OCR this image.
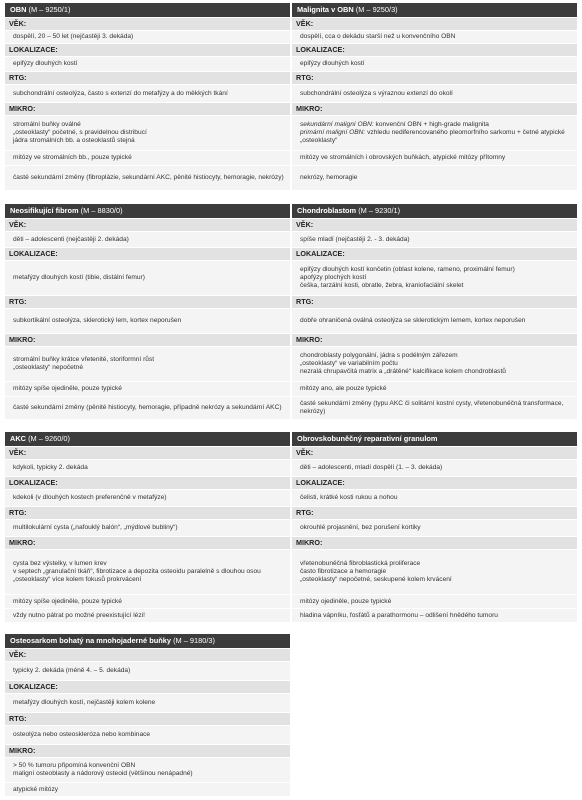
OBN (M – 9250/1)
VĚK:
dospělí, 20 – 50 let (nejčastěji 3. dekáda)
LOKALIZACE:
epifýzy dlouhých kostí
RTG:
subchondrální osteolýza, často s extenzí do metafýzy a do měkkých tkání
MIKRO:
stromální buňky oválné
„osteoklasty“ početné, s pravidelnou distribucí
jádra stromálních bb. a osteoklastů stejná
mitózy ve stromálních bb., pouze typické
časté sekundární změny (fibroplázie, sekundární AKC, pěnité histiocyty, hemoragie, nekrózy)
Malignita v OBN (M – 9250/3)
VĚK:
dospělí, cca o dekádu starší než u konvenčního OBN
LOKALIZACE:
epifýzy dlouhých kostí
RTG:
subchondrální osteolýza s výraznou extenzí do okolí
MIKRO:
sekundární maligní OBN: konvenční OBN + high-grade malignita
primární maligní OBN: vzhledu nediferencovaného pleomorfního sarkomu + četné atypické „osteoklasty“
mitózy ve stromálních i obrovských buňkách, atypické mitózy přítomny
nekrózy, hemoragie
Neosifikující fibrom (M – 8830/0)
VĚK:
děti – adolescenti (nejčastěji 2. dekáda)
LOKALIZACE:
metafýzy dlouhých kostí (tibie, distální femur)
RTG:
subkortikální osteolýza, sklerotický lem, kortex neporušen
MIKRO:
stromální buňky krátce vřetenité, storiformní růst
„osteoklasty“ nepočetné
mitózy spíše ojediněle, pouze typické
časté sekundární změny (pěnité histiocyty, hemoragie, případně nekrózy a sekundární AKC)
Chondroblastom (M – 9230/1)
VĚK:
spíše mladí (nejčastěji 2. - 3. dekáda)
LOKALIZACE:
epifýzy dlouhých kostí končetin (oblast kolene, rameno, proximální femur)
apofýzy plochých kostí
češka, tarzální kosti, obratle, žebra, kraniofaciální skelet
RTG:
dobře ohraničená oválná osteolýza se sklerotickým lemem, kortex neporušen
MIKRO:
chondroblasty polygonální, jádra s podélným zářezem
„osteoklasty“ ve variabilním počtu
nezralá chrupavčitá matrix a „drátěné“ kalcifikace kolem chondroblastů
mitózy ano, ale pouze typické
časté sekundární změny (typu AKC či solitární kostní cysty, vřetenobuněčná transformace, nekrózy)
AKC (M – 9260/0)
VĚK:
kdykoli, typicky 2. dekáda
LOKALIZACE:
kdekoli (v dlouhých kostech preferenčně v metafýze)
RTG:
multilokulární cysta („nafouklý balón“, „mýdlové bubliny“)
MIKRO:
cysta bez výstelky, v lumen krev
v septech „granulační tkáň“, fibrotizace a depozita osteoidu paralelně s dlouhou osou
„osteoklasty“ více kolem fokusů prokrvácení
mitózy spíše ojediněle, pouze typické
vždy nutno pátrat po možné preexistující lézi!
Obrovskobuněčný reparativní granulom
VĚK:
děti – adolescenti, mladí dospělí (1. – 3. dekáda)
LOKALIZACE:
čelisti, krátké kosti rukou a nohou
RTG:
okrouhlé projasnění, bez porušení kortiky
MIKRO:
vřetenobuněčná fibroblastická proliferace
často fibrotizace a hemoragie
„osteoklasty“ nepočetné, seskupené kolem krvácení
mitózy ojediněle, pouze typické
hladina vápníku, fosfátů a parathormonu – odlišení hnědého tumoru
Osteosarkom bohatý na mnohojaderné buňky (M – 9180/3)
VĚK:
typicky 2. dekáda (méně 4. – 5. dekáda)
LOKALIZACE:
metafýzy dlouhých kostí, nejčastěji kolem kolene
RTG:
osteolýza nebo osteoskleróza nebo kombinace
MIKRO:
> 50 % tumoru připomíná konvenční OBN
maligní osteoblasty a nádorový osteoid (většinou nenápadné)
atypické mitózy
